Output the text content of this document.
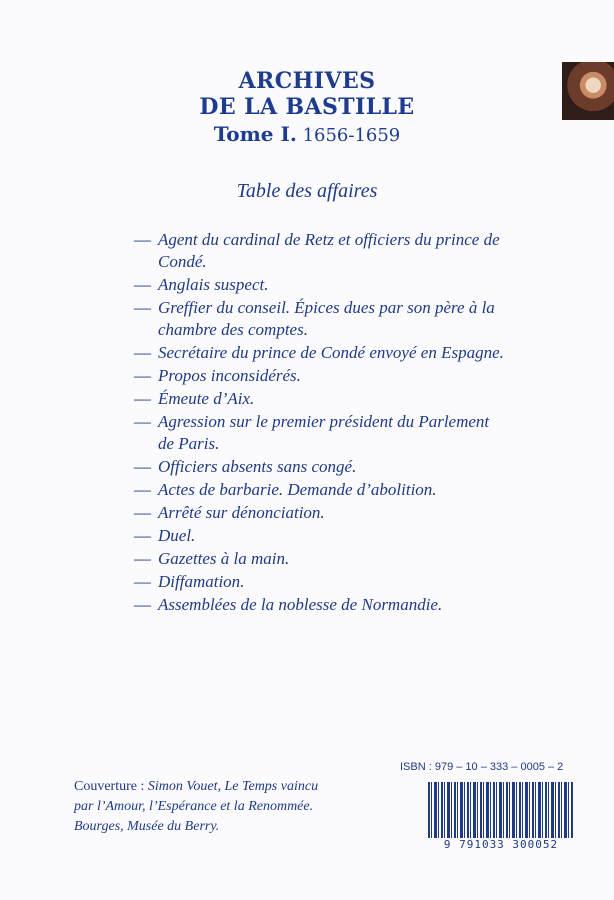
ARCHIVES
DE LA BASTILLE
Tome I. 1656-1659
Table des affaires
— Agent du cardinal de Retz et officiers du prince de
Condé.
— Anglais suspect.
— Greffier du conseil. Épices dues par son père à la
chambre des comptes.
— Secrétaire du prince de Condé envoyé en Espagne.
— Propos inconsidérés.
— Émeute d’Aix.
— Agression sur le premier président du Parlement
de Paris.
— Officiers absents sans congé.
— Actes de barbarie. Demande d’abolition.
— Arrêté sur dénonciation.
— Duel.
— Gazettes à la main.
— Diffamation.
— Assemblées de la noblesse de Normandie.
ISBN : 979 – 10 – 333 – 0005 – 2
Couverture : Simon Vouet, Le Temps vaincu
par l’Amour, l’Espérance et la Renommée.
Bourges, Musée du Berry.
9 791033 300052
